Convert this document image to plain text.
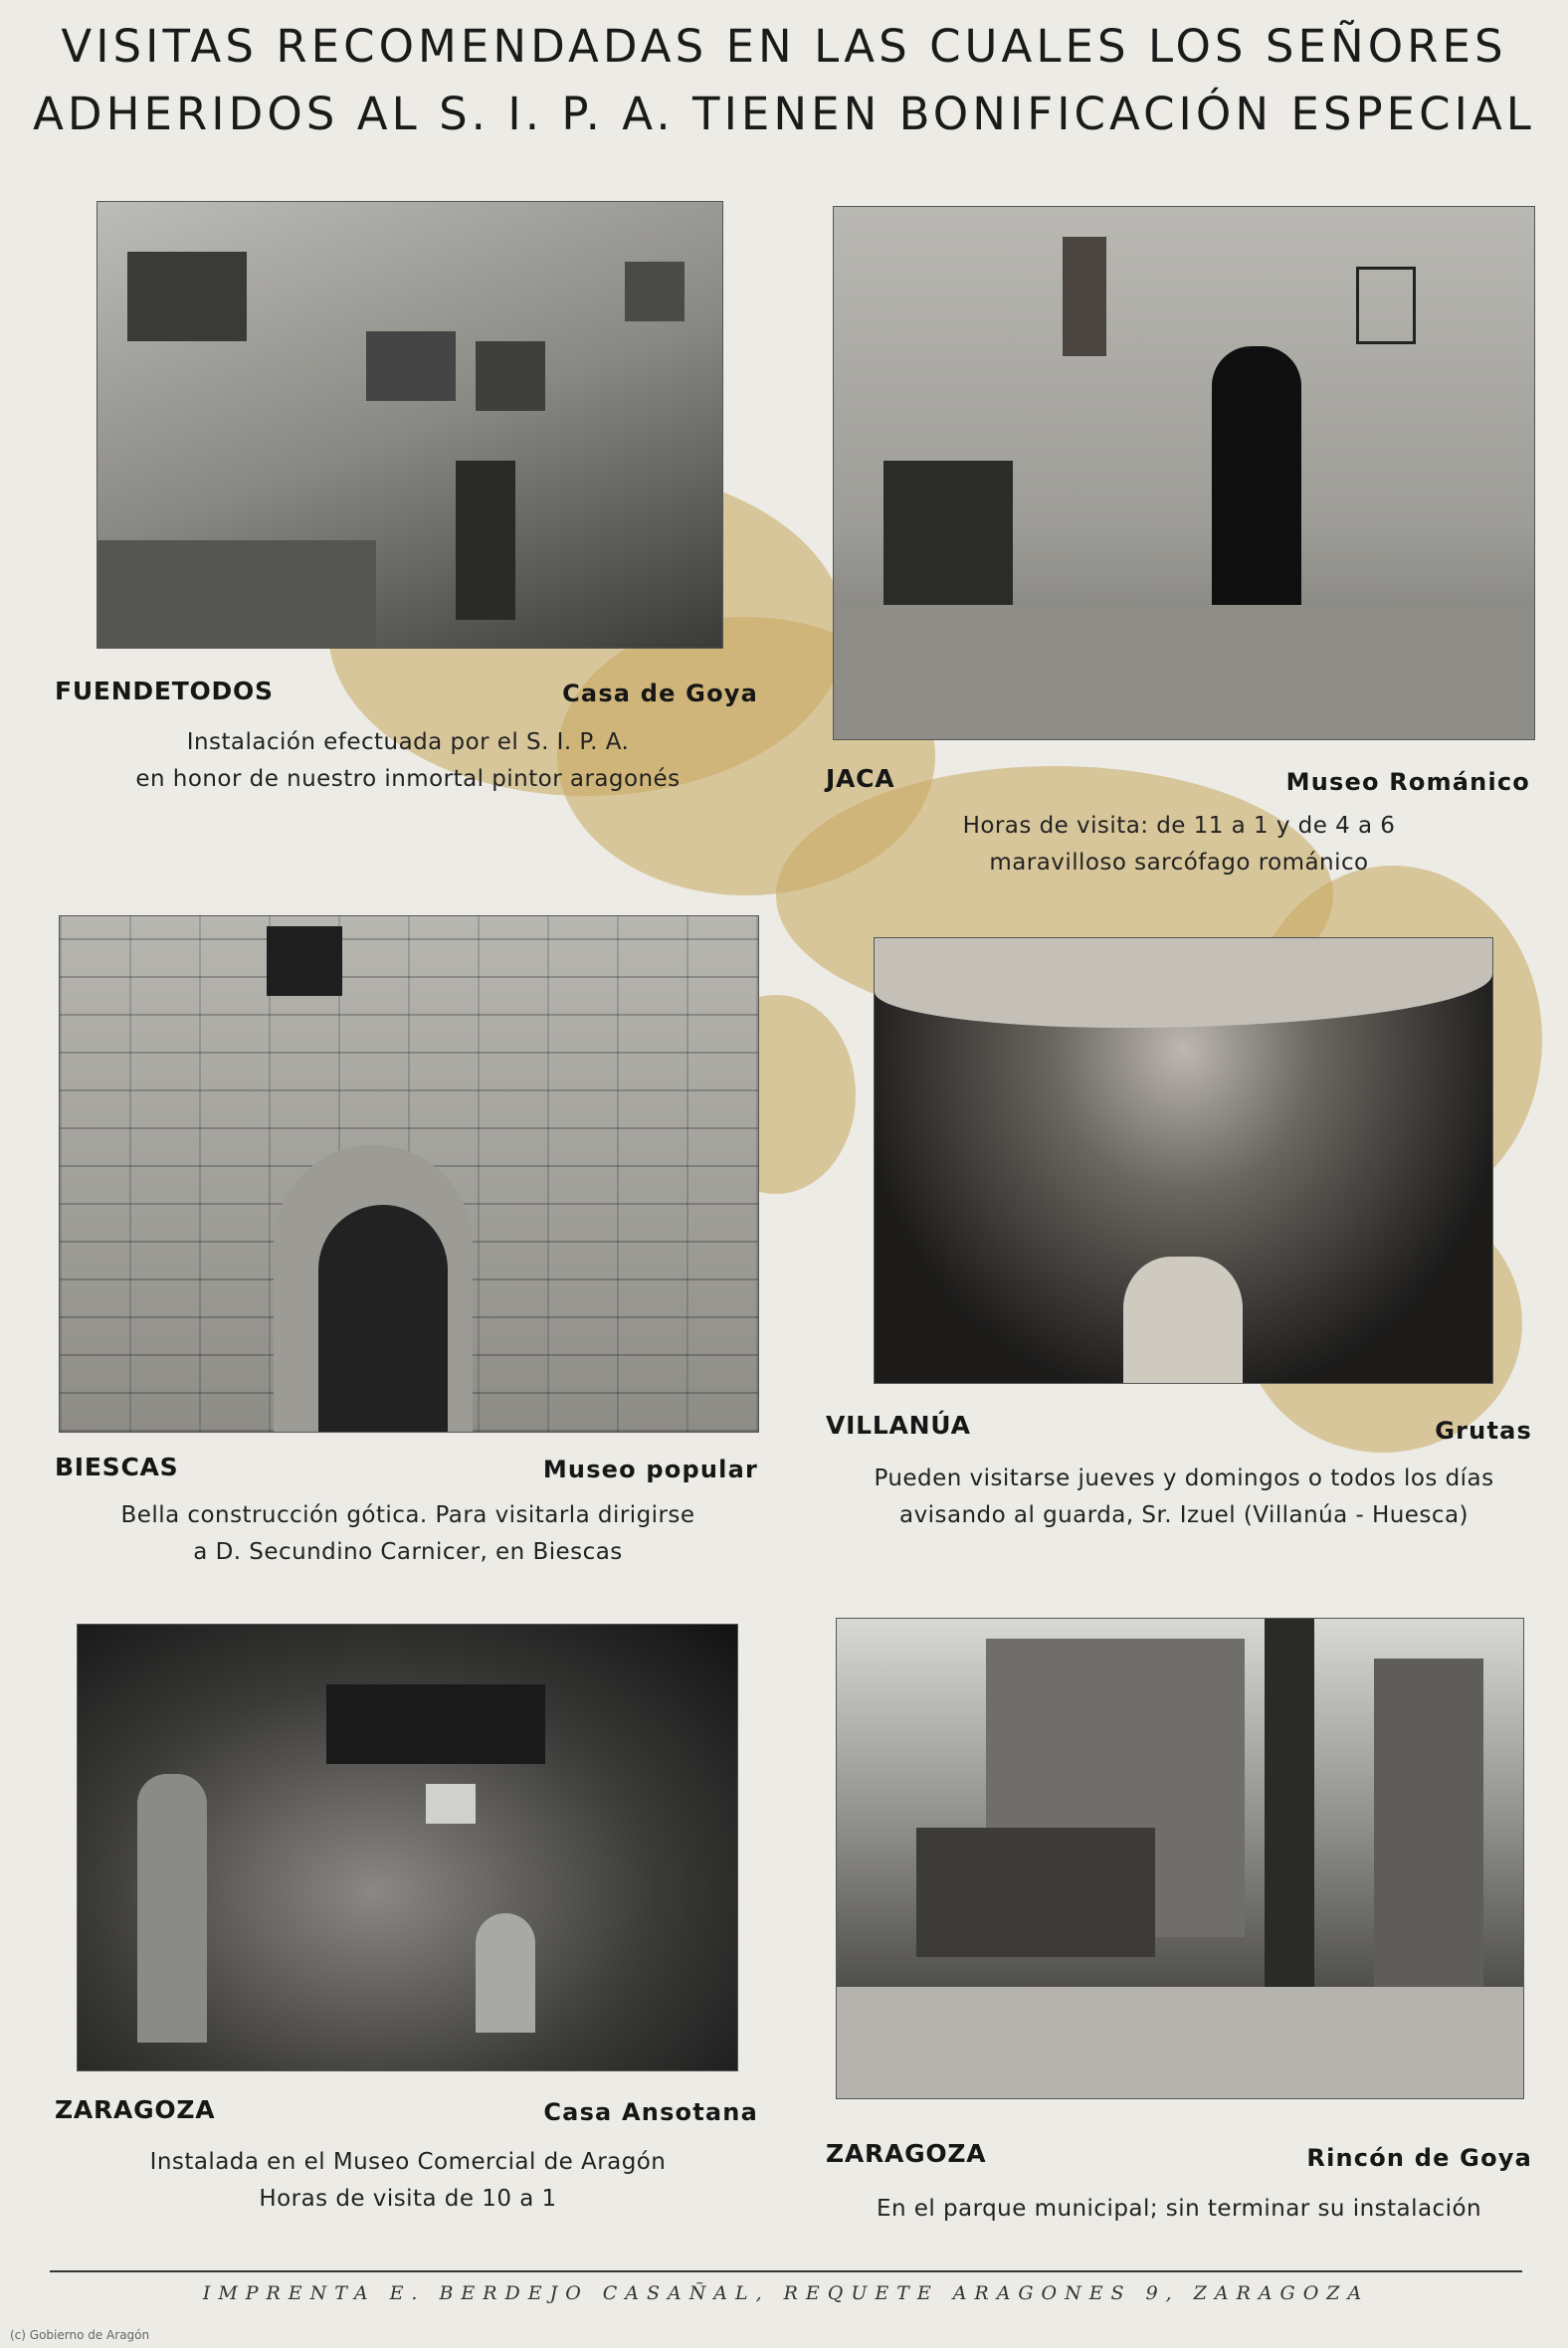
VISITAS RECOMENDADAS EN LAS CUALES LOS SEÑORES
ADHERIDOS AL S. I. P. A. TIENEN BONIFICACIÓN ESPECIAL
FUENDETODOS	Casa de Goya
Instalación efectuada por el S. I. P. A.
en honor de nuestro inmortal pintor aragonés	JACA	Museo Románico
Horas de visita: de 11 a 1 y de 4 a 6
maravilloso sarcófago románico
BIESCAS	Museo popular
Bella construcción gótica. Para visitarla dirigirse
a D. Secundino Carnicer, en Biescas
VILLANÚA	Grutas
Pueden visitarse jueves y domingos o todos los días
avisando al guarda, Sr. Izuel (Villanúa - Huesca)
ZARAGOZA	Casa Ansotana
Instalada en el Museo Comercial de Aragón
Horas de visita de 10 a 1
ZARAGOZA	Rincón de Goya
En el parque municipal; sin terminar su instalación
IMPRENTA E. BERDEJO CASAÑAL, REQUETE ARAGONES 9, ZARAGOZA
(c) Gobierno de Aragón
